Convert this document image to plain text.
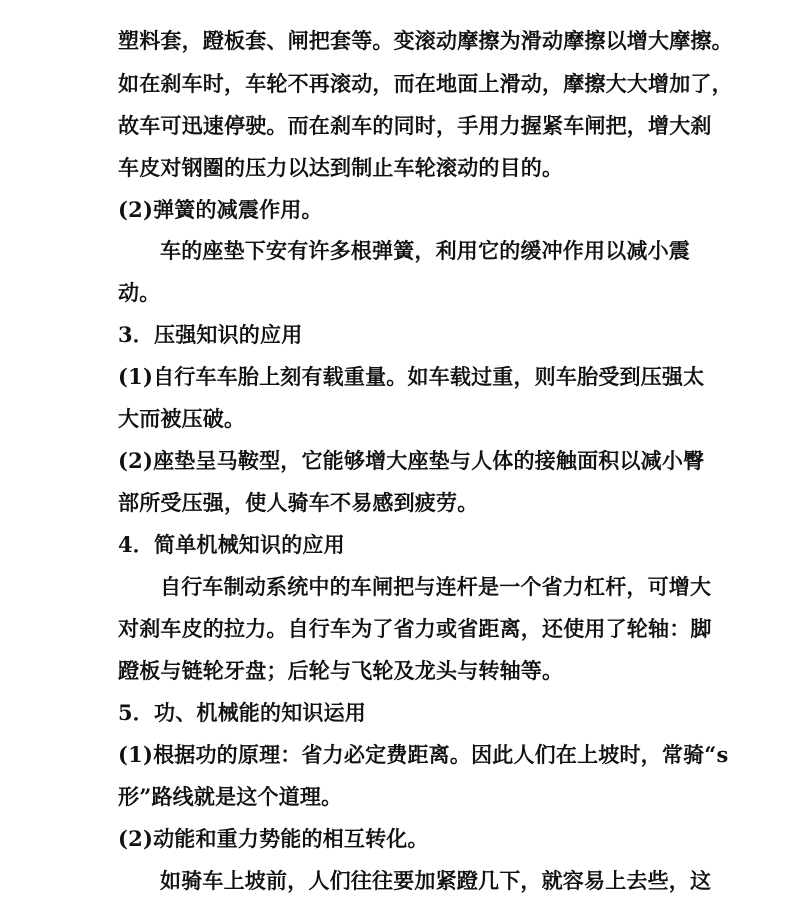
塑料套，蹬板套、闸把套等。变滚动摩擦为滑动摩擦以增大摩擦。
如在刹车时，车轮不再滚动，而在地面上滑动，摩擦大大增加了，
故车可迅速停驶。而在刹车的同时，手用力握紧车闸把，增大刹
车皮对钢圈的压力以达到制止车轮滚动的目的。
(2)弹簧的减震作用。
车的座垫下安有许多根弹簧，利用它的缓冲作用以减小震
动。
3．压强知识的应用
(1)自行车车胎上刻有载重量。如车载过重，则车胎受到压强太
大而被压破。
(2)座垫呈马鞍型，它能够增大座垫与人体的接触面积以减小臀
部所受压强，使人骑车不易感到疲劳。
4．简单机械知识的应用
自行车制动系统中的车闸把与连杆是一个省力杠杆，可增大
对刹车皮的拉力。自行车为了省力或省距离，还使用了轮轴：脚
蹬板与链轮牙盘；后轮与飞轮及龙头与转轴等。
5．功、机械能的知识运用
(1)根据功的原理：省力必定费距离。因此人们在上坡时，常骑“s
形”路线就是这个道理。
(2)动能和重力势能的相互转化。
如骑车上坡前，人们往往要加紧蹬几下，就容易上去些，这
